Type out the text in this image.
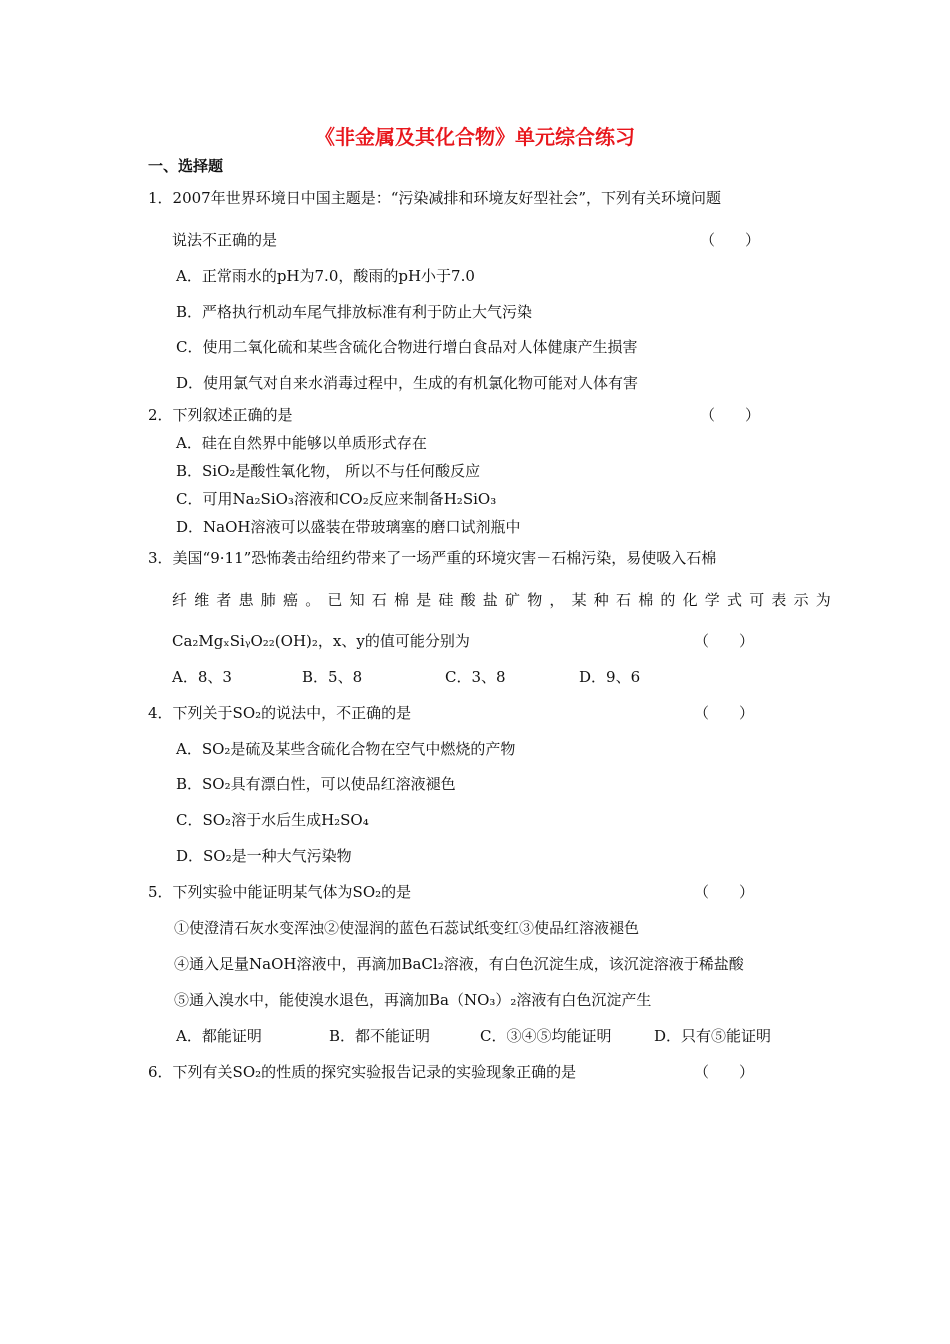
《非金属及其化合物》单元综合练习
一、选择题
1．2007年世界环境日中国主题是：“污染减排和环境友好型社会”，下列有关环境问题
说法不正确的是	（　　）
A．正常雨水的pH为7.0，酸雨的pH小于7.0
B．严格执行机动车尾气排放标准有利于防止大气污染
C．使用二氧化硫和某些含硫化合物进行增白食品对人体健康产生损害
D．使用氯气对自来水消毒过程中，生成的有机氯化物可能对人体有害
2．下列叙述正确的是	（　　）
A．硅在自然界中能够以单质形式存在
B．SiO₂是酸性氧化物， 所以不与任何酸反应
C．可用Na₂SiO₃溶液和CO₂反应来制备H₂SiO₃
D．NaOH溶液可以盛装在带玻璃塞的磨口试剂瓶中
3．美国“9·11”恐怖袭击给纽约带来了一场严重的环境灾害－石棉污染，易使吸入石棉
纤维者患肺癌。已知石棉是硅酸盐矿物，某种石棉的化学式可表示为
Ca₂MgₓSiᵧO₂₂(OH)₂，x、y的值可能分别为	（　　）
A．8、3	B．5、8	C．3、8	D．9、6
4．下列关于SO₂的说法中，不正确的是	（　　）
A．SO₂是硫及某些含硫化合物在空气中燃烧的产物
B．SO₂具有漂白性，可以使品红溶液褪色
C．SO₂溶于水后生成H₂SO₄
D．SO₂是一种大气污染物
5．下列实验中能证明某气体为SO₂的是	（　　）
①使澄清石灰水变浑浊②使湿润的蓝色石蕊试纸变红③使品红溶液褪色
④通入足量NaOH溶液中，再滴加BaCl₂溶液，有白色沉淀生成，该沉淀溶液于稀盐酸
⑤通入溴水中，能使溴水退色，再滴加Ba（NO₃）₂溶液有白色沉淀产生
A．都能证明	B．都不能证明	C．③④⑤均能证明	D．只有⑤能证明
6．下列有关SO₂的性质的探究实验报告记录的实验现象正确的是	（　　）
